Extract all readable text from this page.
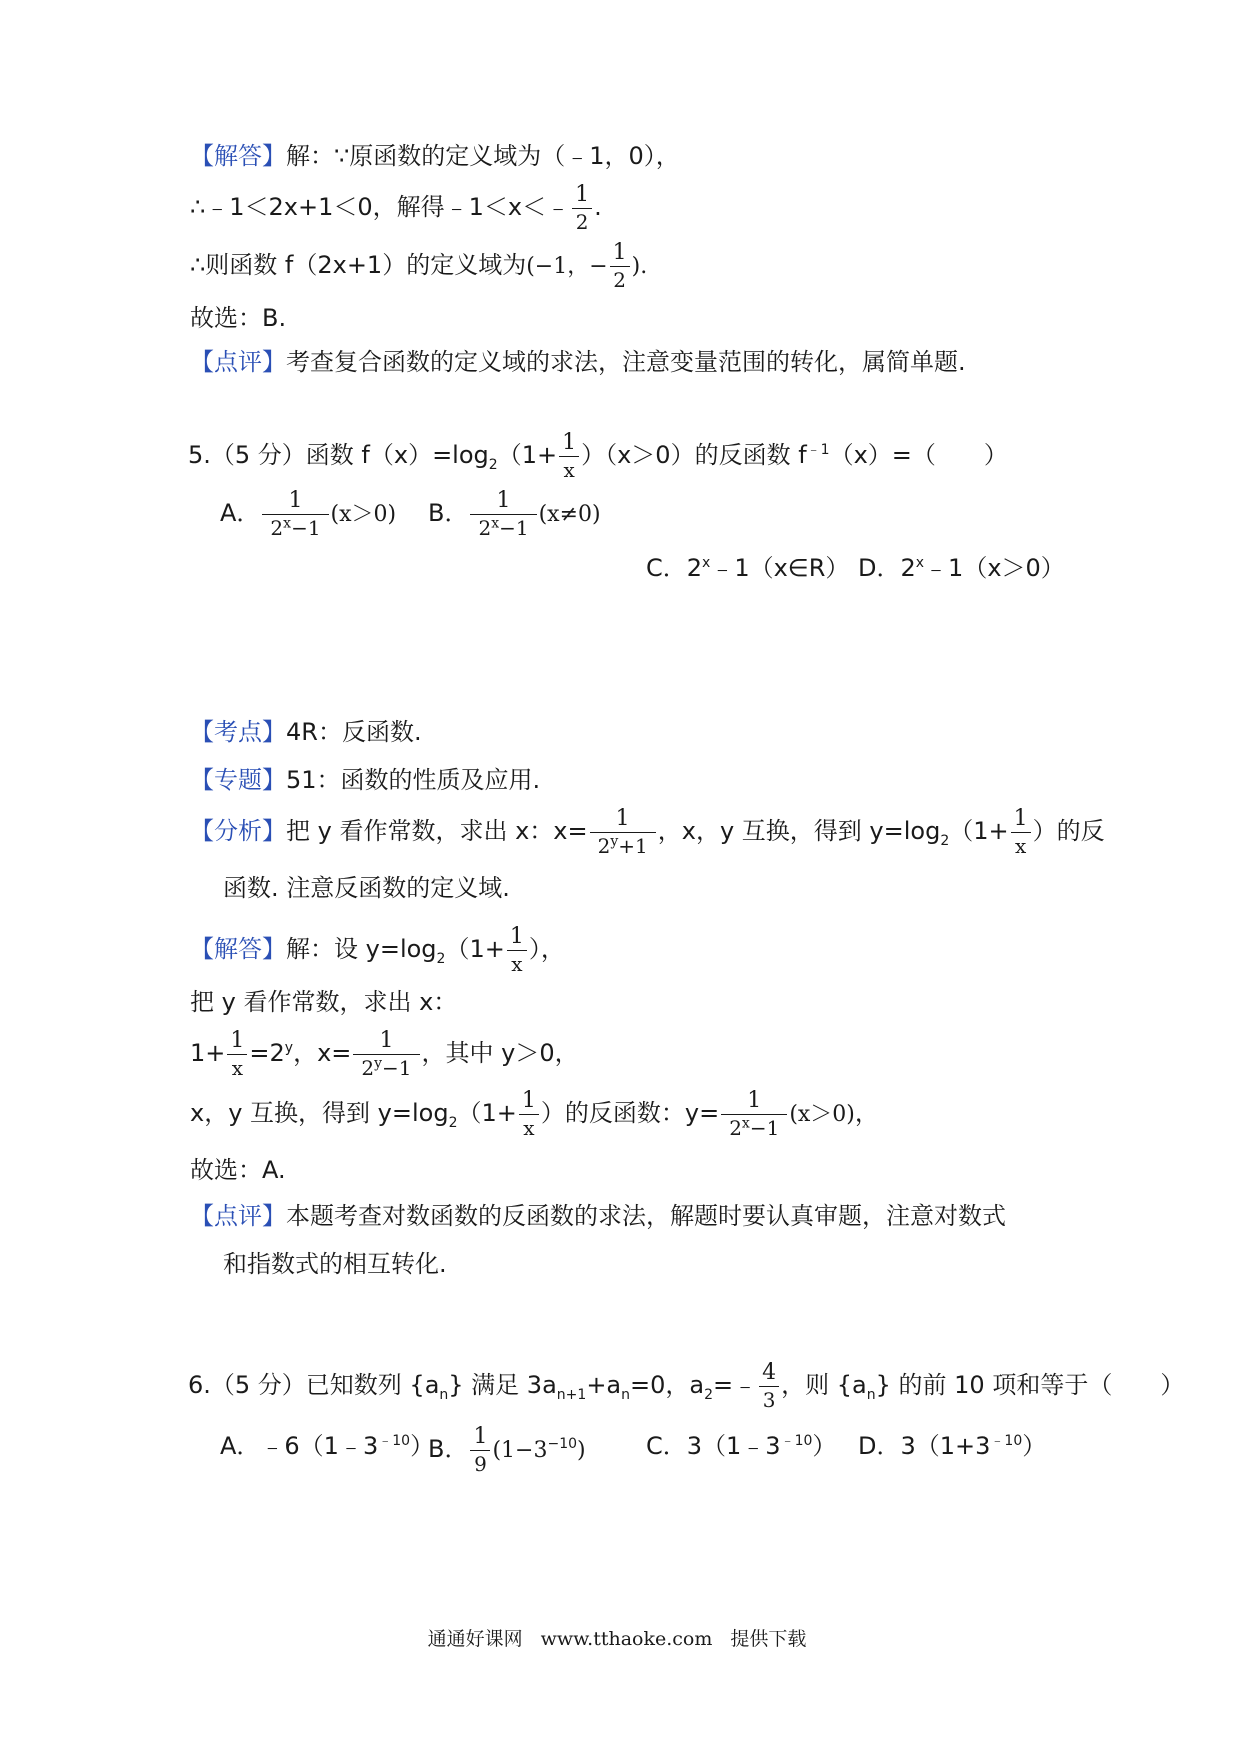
【解答】解：∵原函数的定义域为（﹣1，0），
∴﹣1＜2x+1＜0，解得﹣1＜x＜﹣ $\frac{1}{2}$ .
∴则函数 f（2x+1）的定义域为(−1，− $\frac{1}{2}$ ).
故选：B.
【点评】考查复合函数的定义域的求法，注意变量范围的转化，属简单题.
5.（5 分）函数 $f(x)=\log_2(1+ \frac{1}{x} )(x>0)$的反函数 $f^{﹣1}(x)=$（　　）
A． $\frac{1}{2^x-1} (x>0)$ B． $\frac{1}{2^x-1} (x\ne 0)$
C．2$^x$﹣1（x∈R） D．$2^x﹣1(x>0)$
【考点】4R：反函数.
【专题】51：函数的性质及应用.
【分析】把 y 看作常数，求出 x：$x= \frac{1}{2^y+1}$ ，x，y 互换，得到 $y=\log_2(1+ \frac{1}{x}$ ）的反
函数. 注意反函数的定义域.
【解答】解：设 $y=\log_2(1+ \frac{1}{x}$ ），
把 y 看作常数，求出 x：
$1+ \frac{1}{x} =2^y$，$x= \frac{1}{2^y-1}$ ，其中 y＞0，
x，y 互换，得到 $y=\log_2(1+ \frac{1}{x}$ ）的反函数：$y= \frac{1}{2^x-1} (x>0)$，
故选：A.
【点评】本题考查对数函数的反函数的求法，解题时要认真审题，注意对数式
和指数式的相互转化.
6.（5 分）已知数列 $\{a_n\}$ 满足 $3a_{n+1}+a_n=0$，$a_2=﹣ \frac{4}{3}$ ，则 $\{a_n\}$ 的前 10 项和等于（　　）
A．$﹣6(1﹣3^{﹣10})$
B． $\frac{1}{9} (1-3^{-10})$	C．$3(1﹣3^{﹣10})$ D．$3(1+3^{﹣10})$
通通好课网 www.tthaoke.com 提供下载
